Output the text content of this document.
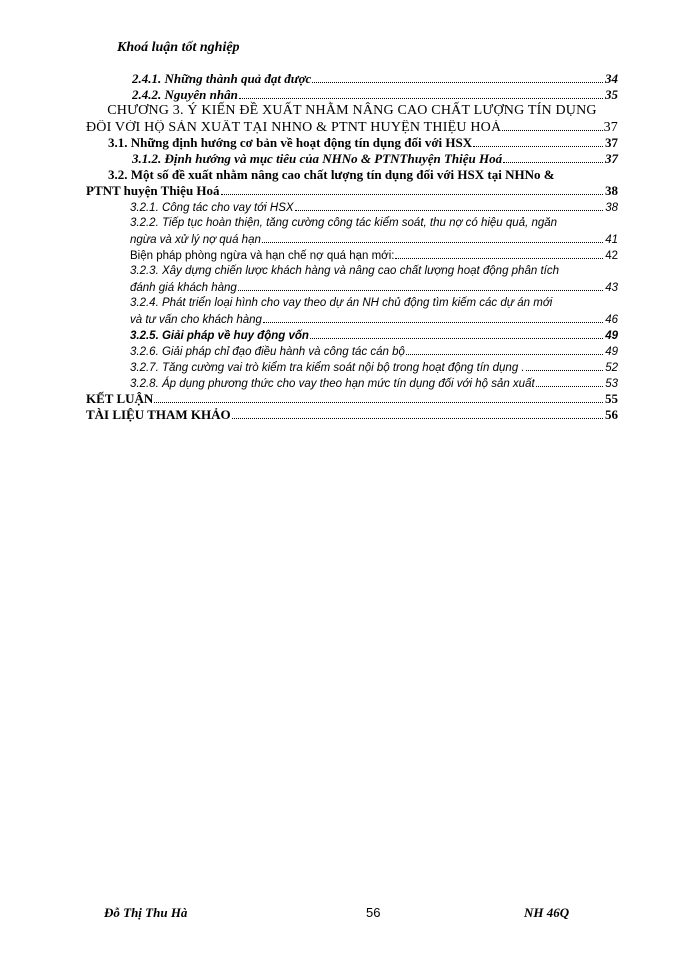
Khoá luận tốt nghiệp
2.4.1. Những thành quả đạt được	34
2.4.2. Nguyên nhân	35
CHƯƠNG 3. Ý KIẾN ĐỀ XUẤT NHẰM NÂNG CAO CHẤT LƯỢNG TÍN DỤNG
ĐỐI VỚI HỘ SẢN XUẤT TẠI NHNO & PTNT HUYỆN THIỆU HOÁ	37
3.1. Những định hướng cơ bản về hoạt động tín dụng đối với HSX	37
3.1.2. Định hướng và mục tiêu của NHNo & PTNThuyện Thiệu Hoá	37
3.2. Một số đề xuất nhằm nâng cao chất lượng tín dụng đối với HSX tại NHNo &
PTNT huyện Thiệu Hoá	38
3.2.1. Công tác cho vay tới HSX	38
3.2.2. Tiếp tục hoàn thiện, tăng cường công tác kiểm soát, thu nợ có hiệu quả, ngăn
ngừa và xử lý nợ quá hạn	41
Biện pháp phòng ngừa và hạn chế nợ quá hạn mới:	42
3.2.3. Xây dựng chiến lược khách hàng và nâng cao chất lượng hoạt động phân tích
đánh giá khách hàng	43
3.2.4. Phát triển loại hình cho vay theo dự án NH chủ động tìm kiếm các dự án mới
và tư vấn cho khách hàng	46
3.2.5. Giải pháp về huy động vốn	49
3.2.6. Giải pháp chỉ đạo điều hành và công tác cán bộ	49
3.2.7. Tăng cường vai trò kiểm tra kiểm soát nội bộ trong hoạt động tín dụng .	52
3.2.8. Áp dụng phương thức cho vay theo hạn mức tín dụng đối với hộ sản xuất	53
KẾT LUẬN	55
TÀI LIỆU THAM KHẢO	56
Đỗ Thị Thu Hà	56	NH 46Q
